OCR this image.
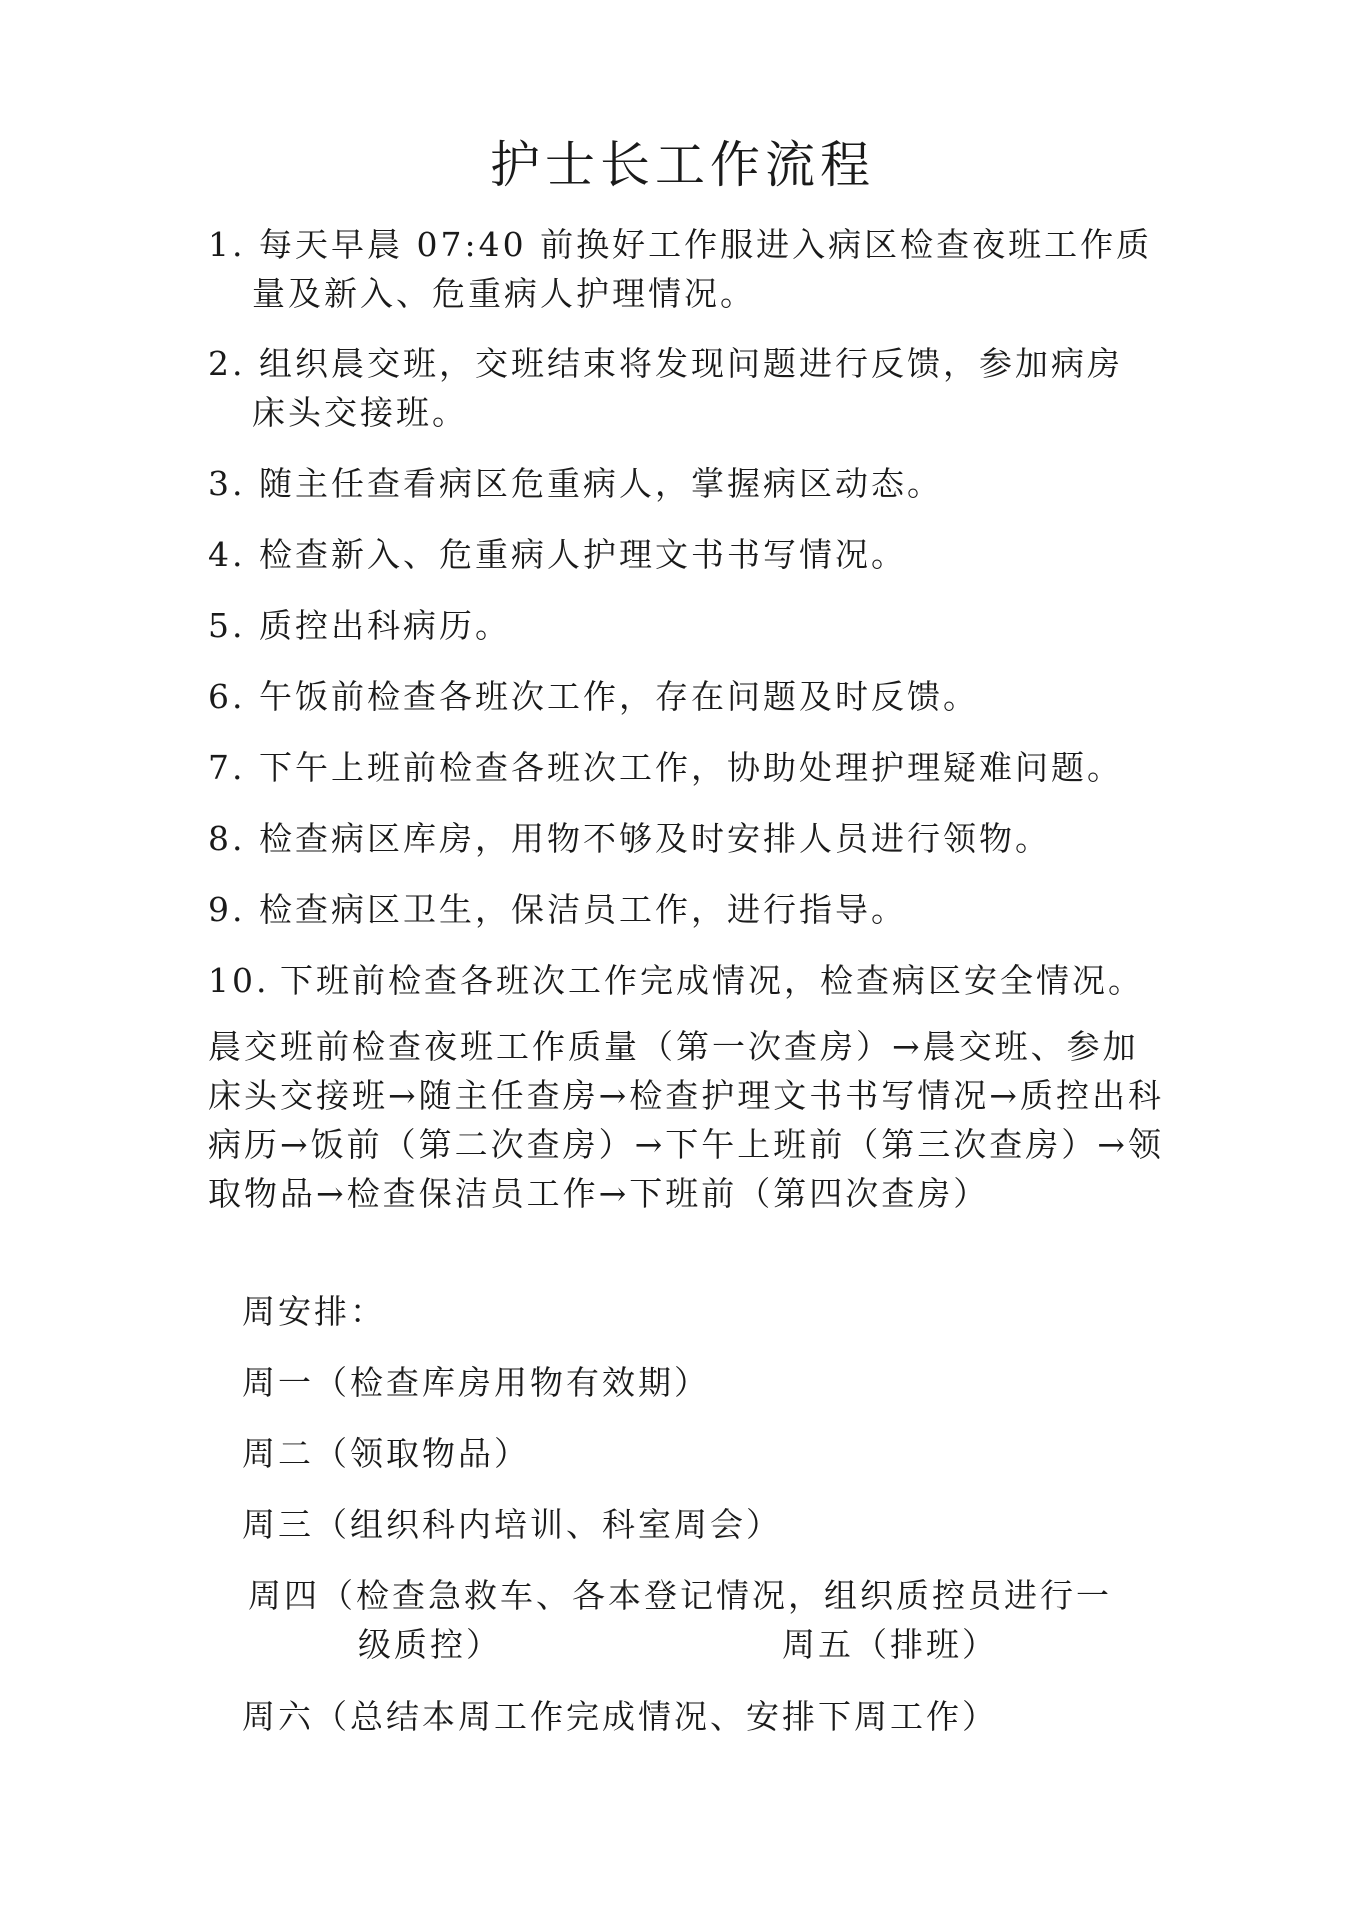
护士长工作流程
1. 每天早晨 07:40 前换好工作服进入病区检查夜班工作质
量及新入、危重病人护理情况。
2. 组织晨交班，交班结束将发现问题进行反馈，参加病房
床头交接班。
3. 随主任查看病区危重病人，掌握病区动态。
4. 检查新入、危重病人护理文书书写情况。
5. 质控出科病历。
6. 午饭前检查各班次工作，存在问题及时反馈。
7. 下午上班前检查各班次工作，协助处理护理疑难问题。
8. 检查病区库房，用物不够及时安排人员进行领物。
9. 检查病区卫生，保洁员工作，进行指导。
10. 下班前检查各班次工作完成情况，检查病区安全情况。
晨交班前检查夜班工作质量（第一次查房）→晨交班、参加床头交接班→随主任查房→检查护理文书书写情况→质控出科病历→饭前（第二次查房）→下午上班前（第三次查房）→领取物品→检查保洁员工作→下班前（第四次查房）
周安排：
周一（检查库房用物有效期）
周二（领取物品）
周三（组织科内培训、科室周会）
周四（检查急救车、各本登记情况，组织质控员进行一
级质控）	周五（排班）
周六（总结本周工作完成情况、安排下周工作）
